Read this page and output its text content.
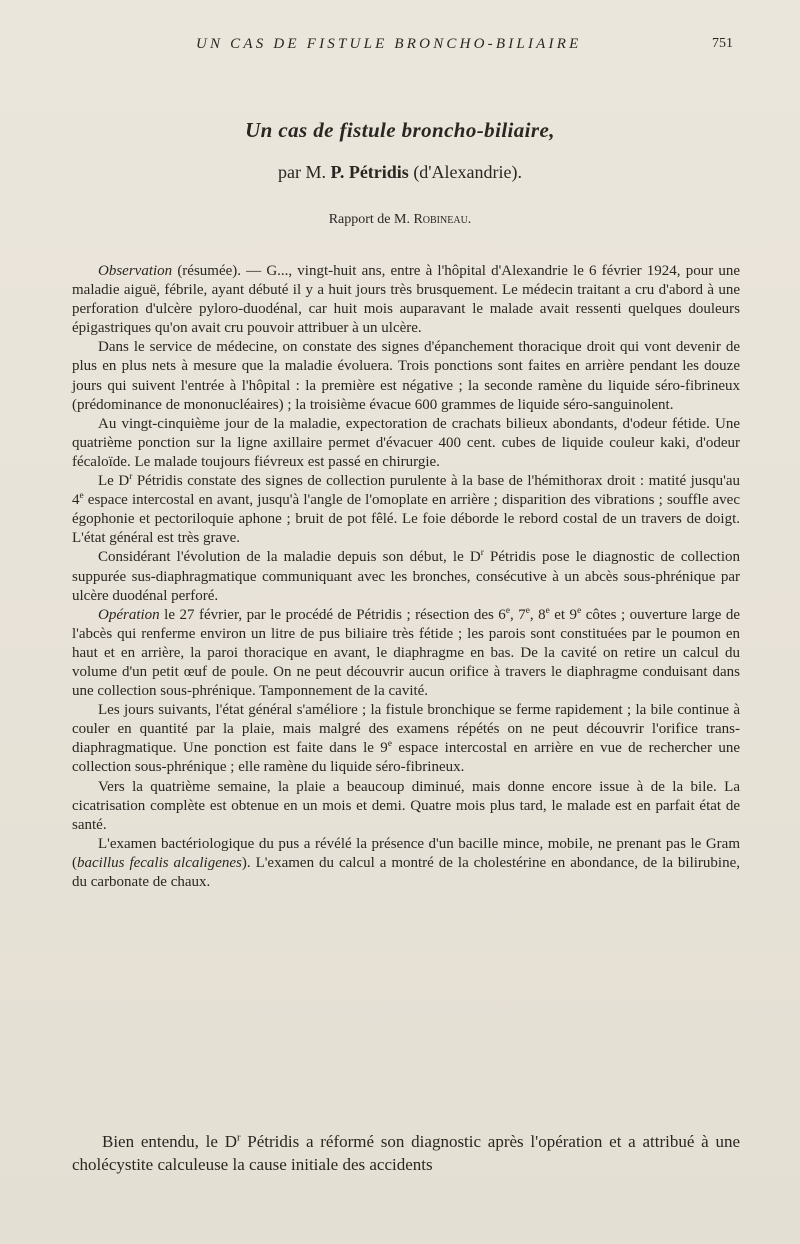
UN CAS DE FISTULE BRONCHO-BILIAIRE	751
Un cas de fistule broncho-biliaire,
par M. P. Pétridis (d'Alexandrie).
Rapport de M. Robineau.

Observation (résumée). — G..., vingt-huit ans, entre à l'hôpital d'Alexandrie le 6 février 1924, pour une maladie aiguë, fébrile, ayant débuté il y a huit jours très brusquement. Le médecin traitant a cru d'abord à une perforation d'ulcère pyloro-duodénal, car huit mois auparavant le malade avait ressenti quelques douleurs épigastriques qu'on avait cru pouvoir attribuer à un ulcère.

Dans le service de médecine, on constate des signes d'épanchement thoracique droit qui vont devenir de plus en plus nets à mesure que la maladie évoluera. Trois ponctions sont faites en arrière pendant les douze jours qui suivent l'entrée à l'hôpital : la première est négative ; la seconde ramène du liquide séro-fibrineux (prédominance de mononucléaires) ; la troisième évacue 600 grammes de liquide séro-sanguinolent.

Au vingt-cinquième jour de la maladie, expectoration de crachats bilieux abondants, d'odeur fétide. Une quatrième ponction sur la ligne axillaire permet d'évacuer 400 cent. cubes de liquide couleur kaki, d'odeur fécaloïde. Le malade toujours fiévreux est passé en chirurgie.

Le $D^r$ Pétridis constate des signes de collection purulente à la base de l'hémithorax droit : matité jusqu'au 4e espace intercostal en avant, jusqu'à l'angle de l'omoplate en arrière ; disparition des vibrations ; souffle avec égophonie et pectoriloquie aphone ; bruit de pot fêlé. Le foie déborde le rebord costal de un travers de doigt. L'état général est très grave.

Considérant l'évolution de la maladie depuis son début, le $D^r$ Pétridis pose le diagnostic de collection suppurée sus-diaphragmatique communiquant avec les bronches, consécutive à un abcès sous-phrénique par ulcère duodénal perforé.

Opération le 27 février, par le procédé de Pétridis ; résection des 6e, 7e, 8e et 9e côtes ; ouverture large de l'abcès qui renferme environ un litre de pus biliaire très fétide ; les parois sont constituées par le poumon en haut et en arrière, la paroi thoracique en avant, le diaphragme en bas. De la cavité on retire un calcul du volume d'un petit œuf de poule. On ne peut découvrir aucun orifice à travers le diaphragme conduisant dans une collection sous-phrénique. Tamponnement de la cavité.

Les jours suivants, l'état général s'améliore ; la fistule bronchique se ferme rapidement ; la bile continue à couler en quantité par la plaie, mais malgré des examens répétés on ne peut découvrir l'orifice trans-diaphragmatique. Une ponction est faite dans le 9e espace intercostal en arrière en vue de rechercher une collection sous-phrénique ; elle ramène du liquide séro-fibrineux.

Vers la quatrième semaine, la plaie a beaucoup diminué, mais donne encore issue à de la bile. La cicatrisation complète est obtenue en un mois et demi. Quatre mois plus tard, le malade est en parfait état de santé.

L'examen bactériologique du pus a révélé la présence d'un bacille mince, mobile, ne prenant pas le Gram (bacillus fecalis alcaligenes). L'examen du calcul a montré de la cholestérine en abondance, de la bilirubine, du carbonate de chaux.

Bien entendu, le $D^r$ Pétridis a réformé son diagnostic après l'opération et a attribué à une cholécystite calculeuse la cause initiale des accidents
